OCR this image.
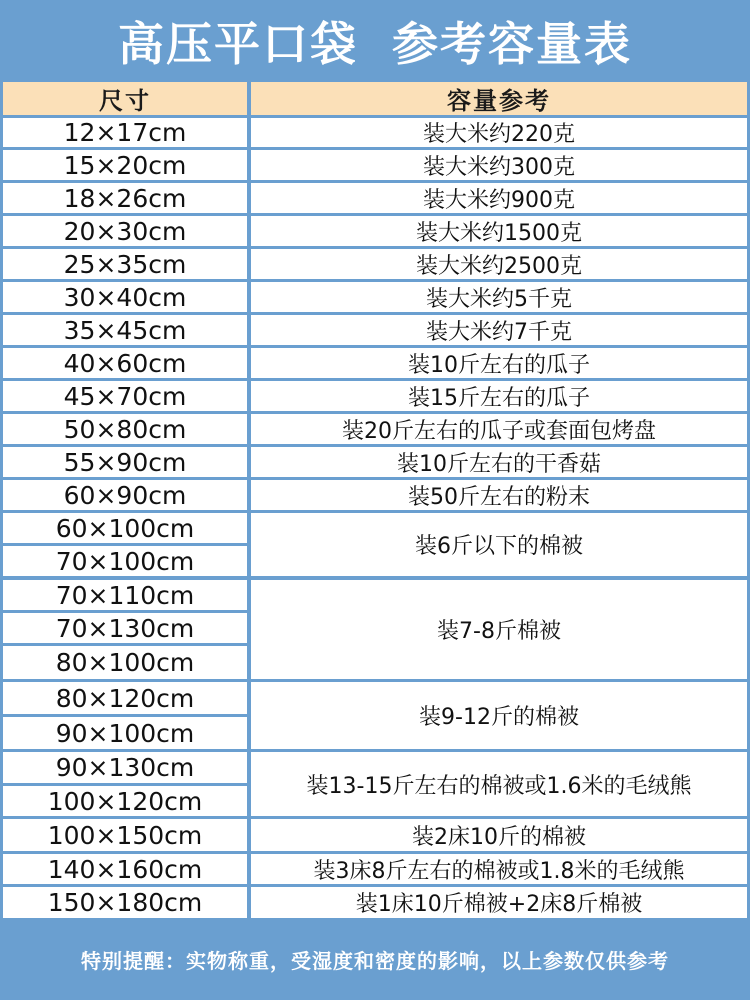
高压平口袋 参考容量表
尺寸	容量参考
12×17cm
15×20cm
18×26cm
20×30cm
25×35cm
30×40cm
35×45cm
40×60cm
45×70cm
50×80cm
55×90cm
60×90cm
60×100cm
70×100cm
70×110cm
70×130cm
80×100cm
80×120cm
90×100cm
90×130cm
100×120cm
100×150cm
140×160cm
150×180cm
装大米约220克
装大米约300克
装大米约900克
装大米约1500克
装大米约2500克
装大米约5千克
装大米约7千克
装10斤左右的瓜子
装15斤左右的瓜子
装20斤左右的瓜子或套面包烤盘
装10斤左右的干香菇
装50斤左右的粉末
装6斤以下的棉被
装7-8斤棉被
装9-12斤的棉被
装13-15斤左右的棉被或1.6米的毛绒熊
装2床10斤的棉被
装3床8斤左右的棉被或1.8米的毛绒熊
装1床10斤棉被+2床8斤棉被
特别提醒：实物称重，受湿度和密度的影响，以上参数仅供参考
